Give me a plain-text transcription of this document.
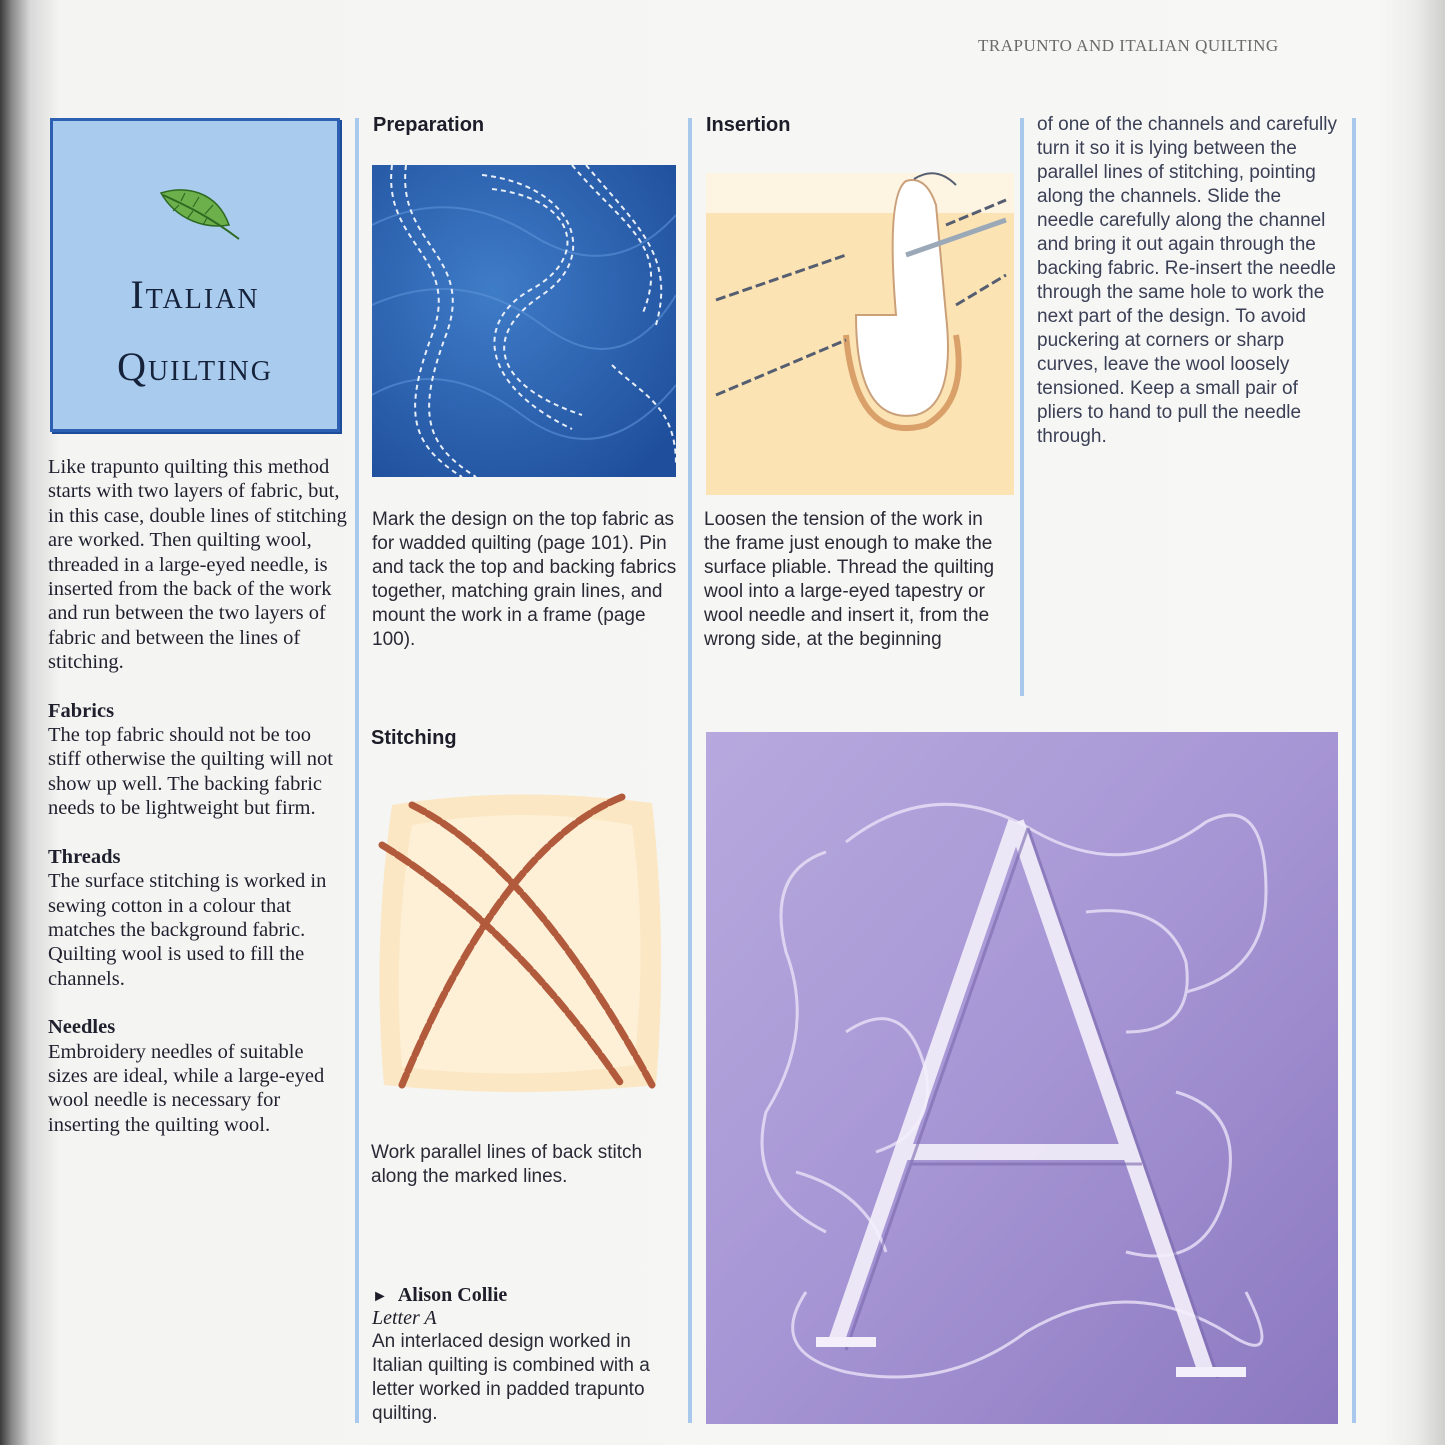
TRAPUNTO AND ITALIAN QUILTING
Italian
Quilting

Like trapunto quilting this method starts with two layers of fabric, but, in this case, double lines of stitching are worked. Then quilting wool, threaded in a large-eyed needle, is inserted from the back of the work and run between the two layers of fabric and between the lines of stitching.

Fabrics
The top fabric should not be too stiff otherwise the quilting will not show up well. The backing fabric needs to be lightweight but firm.

Threads
The surface stitching is worked in sewing cotton in a colour that matches the background fabric. Quilting wool is used to fill the channels.

Needles
Embroidery needles of suitable sizes are ideal, while a large-eyed wool needle is necessary for inserting the quilting wool.

Preparation
Mark the design on the top fabric as for wadded quilting (page 101). Pin and tack the top and backing fabrics together, matching grain lines, and mount the work in a frame (page 100).
Stitching
Work parallel lines of back stitch along the marked lines.
► Alison Collie
Letter A
An interlaced design worked in Italian quilting is combined with a letter worked in padded trapunto quilting.
Insertion
Loosen the tension of the work in the frame just enough to make the surface pliable. Thread the quilting wool into a large-eyed tapestry or wool needle and insert it, from the wrong side, at the beginning
of one of the channels and carefully turn it so it is lying between the parallel lines of stitching, pointing along the channels. Slide the needle carefully along the channel and bring it out again through the backing fabric. Re-insert the needle through the same hole to work the next part of the design. To avoid puckering at corners or sharp curves, leave the wool loosely tensioned. Keep a small pair of pliers to hand to pull the needle through.
